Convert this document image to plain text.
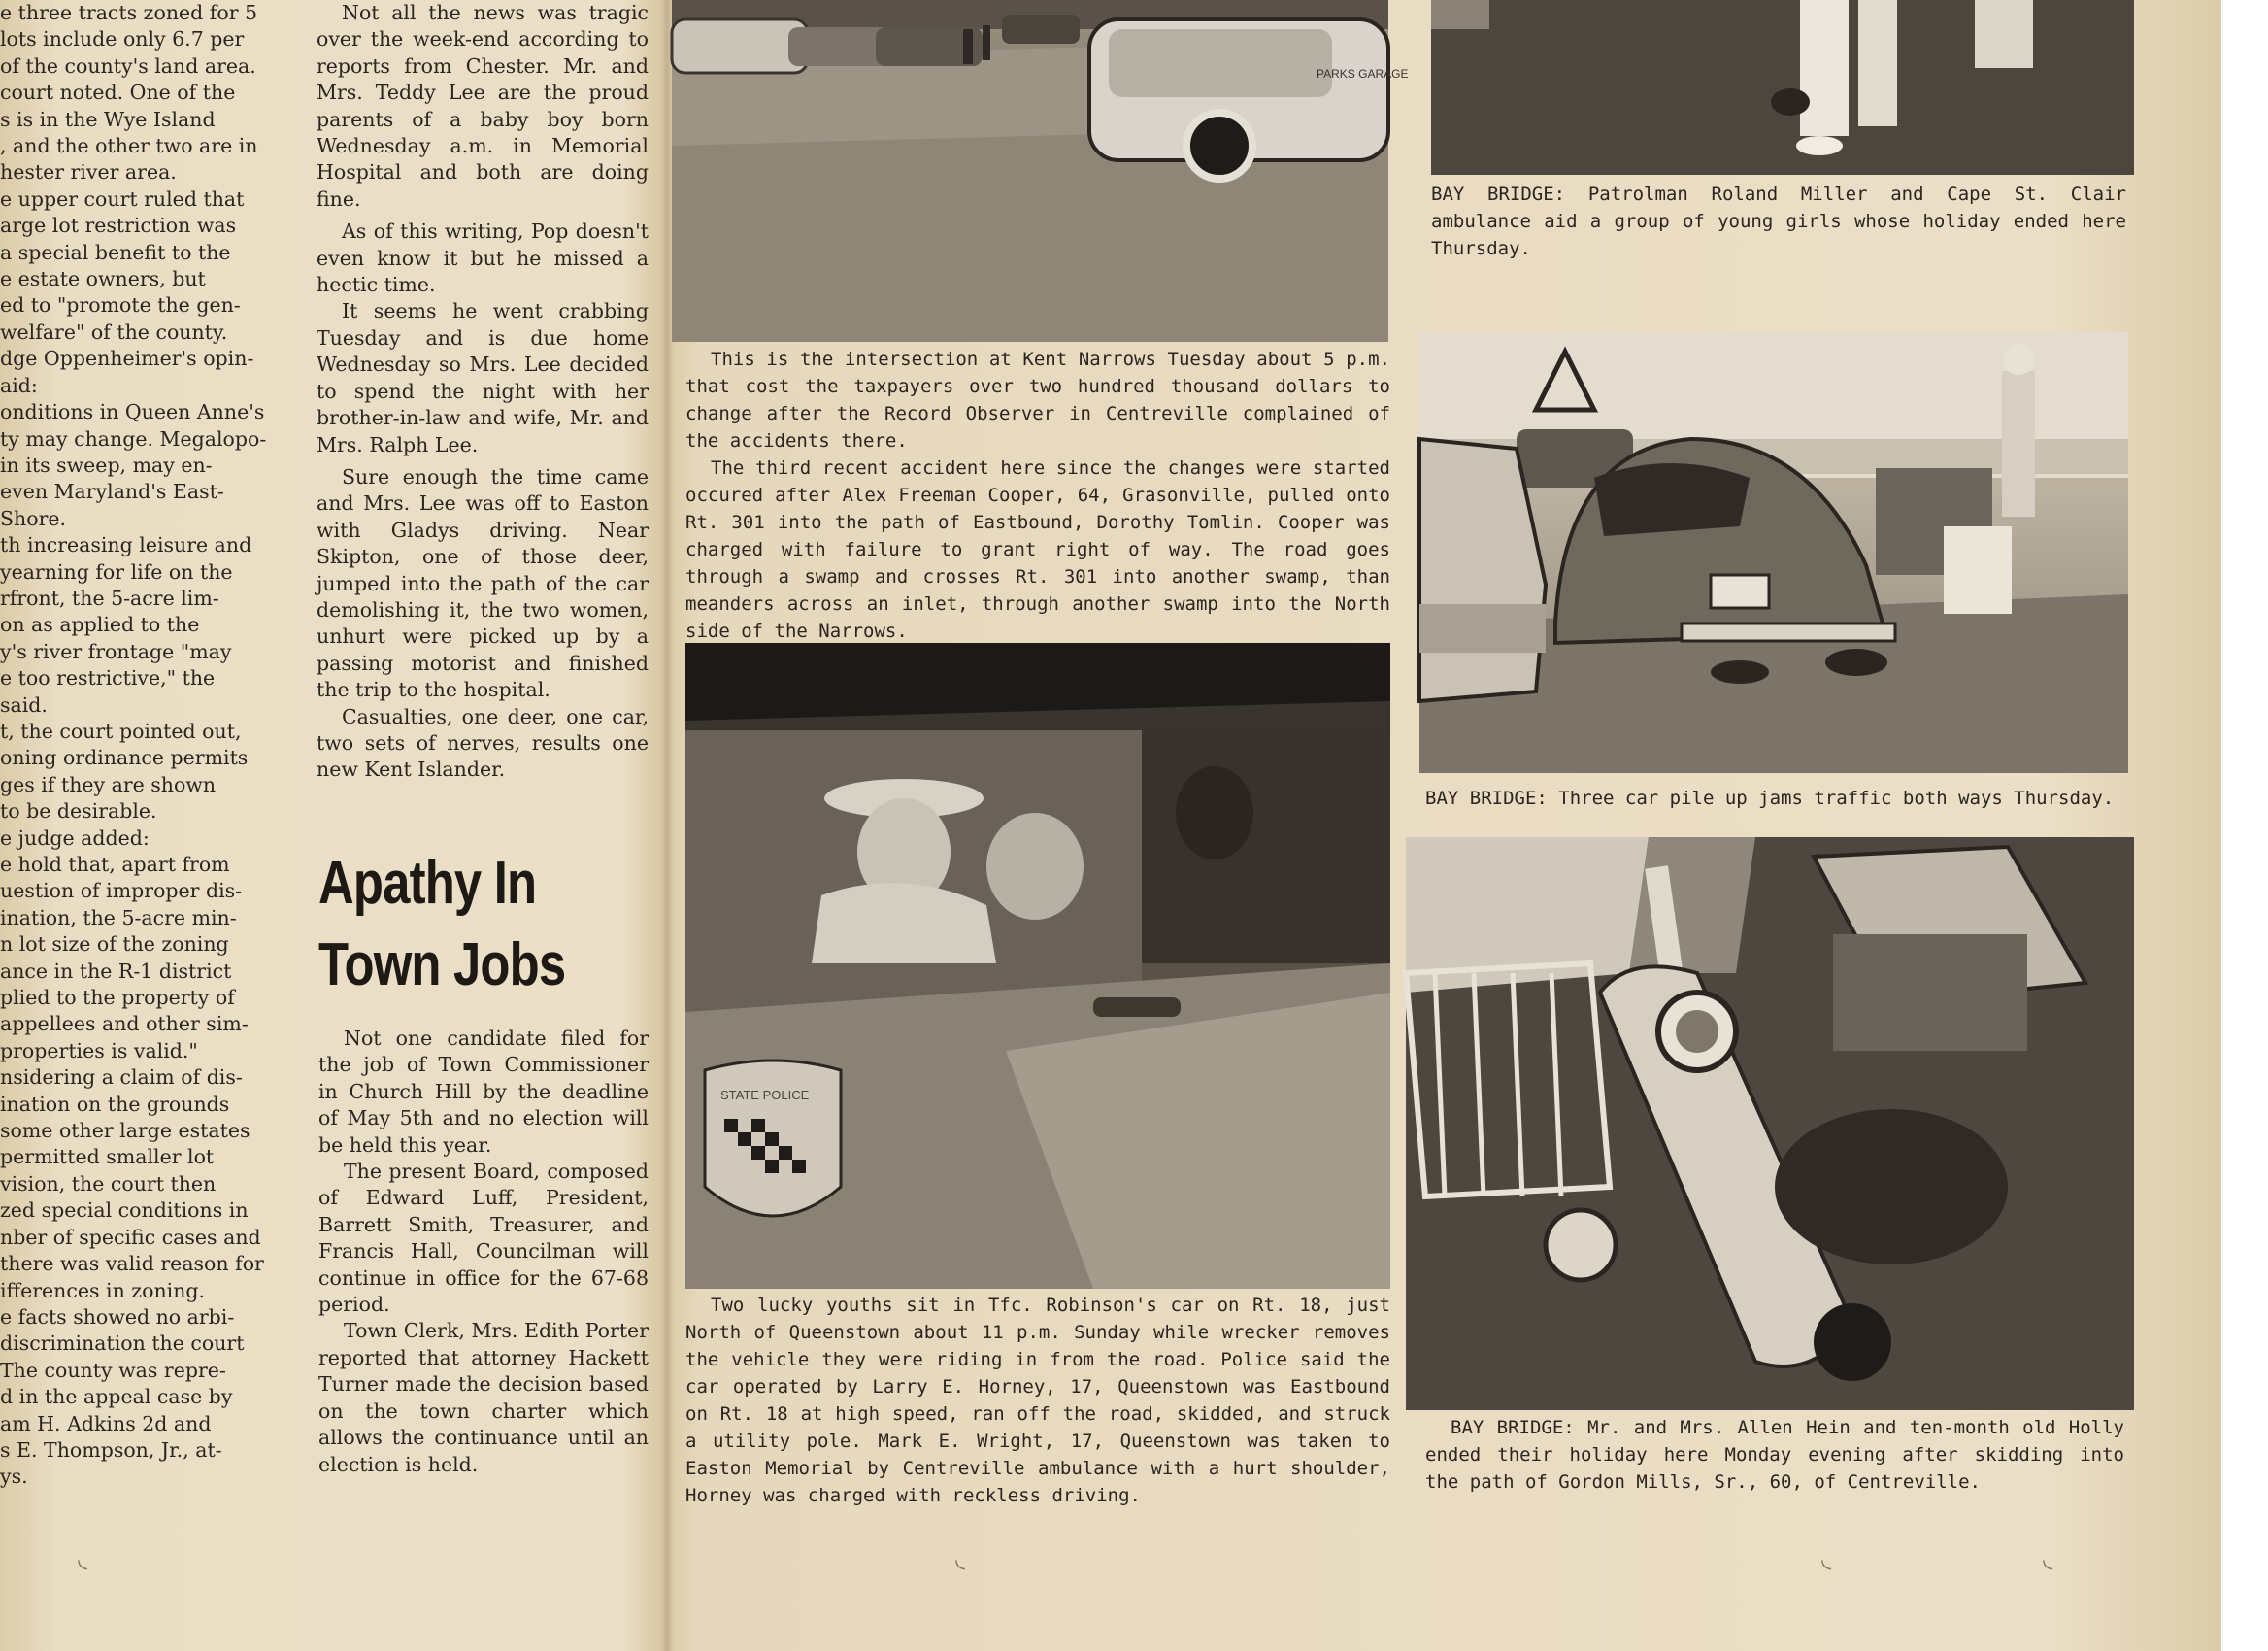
e three tracts zoned for 5

lots include only 6.7 per

of the county's land area.

court noted. One of the

s is in the Wye Island

, and the other two are in

hester river area.

e upper court ruled that

arge lot restriction was

a special benefit to the

e estate owners, but

ed to "promote the gen-

welfare" of the county.

dge Oppenheimer's opin-

aid:

onditions in Queen Anne's

ty may change. Megalopo-

in its sweep, may en-

even Maryland's East-

Shore.

th increasing leisure and

yearning for life on the

rfront, the 5-acre lim-

on as applied to the

y's river frontage "may

e too restrictive," the

said.

t, the court pointed out,

oning ordinance permits

ges if they are shown

to be desirable.

e judge added:

e hold that, apart from

uestion of improper dis-

ination, the 5-acre min-

n lot size of the zoning

ance in the R-1 district

plied to the property of

appellees and other sim-

properties is valid."

nsidering a claim of dis-

ination on the grounds

some other large estates

permitted smaller lot

vision, the court then

zed special conditions in

nber of specific cases and

there was valid reason for

ifferences in zoning.

e facts showed no arbi-

discrimination the court

The county was repre-

d in the appeal case by

am H. Adkins 2d and

s E. Thompson, Jr., at-

ys.

Not all the news was tragic over the week-end according to reports from Chester. Mr. and Mrs. Teddy Lee are the proud parents of a baby boy born Wednesday a.m. in Memorial Hospital and both are doing fine.

As of this writing, Pop doesn't even know it but he missed a hectic time.

It seems he went crabbing Tuesday and is due home Wednesday so Mrs. Lee decided to spend the night with her brother-in-law and wife, Mr. and Mrs. Ralph Lee.

Sure enough the time came and Mrs. Lee was off to Easton with Gladys driving. Near Skipton, one of those deer, jumped into the path of the car demolishing it, the two women, unhurt were picked up by a passing motorist and finished the trip to the hospital.

Casualties, one deer, one car, two sets of nerves, results one new Kent Islander.

Apathy In
Town Jobs

Not one candidate filed for the job of Town Commissioner in Church Hill by the deadline of May 5th and no election will be held this year.

The present Board, composed of Edward Luff, President, Barrett Smith, Treasurer, and Francis Hall, Councilman will continue in office for the 67-68 period.

Town Clerk, Mrs. Edith Porter reported that attorney Hackett Turner made the decision based on the town charter which allows the continuance until an election is held.

PARKS GARAGE

This is the intersection at Kent Narrows Tuesday about 5 p.m. that cost the taxpayers over two hundred thousand dollars to change after the Record Observer in Centreville complained of the accidents there.

The third recent accident here since the changes were started occured after Alex Freeman Cooper, 64, Grasonville, pulled onto Rt. 301 into the path of Eastbound, Dorothy Tomlin. Cooper was charged with failure to grant right of way. The road goes through a swamp and crosses Rt. 301 into another swamp, than meanders across an inlet, through another swamp into the North side of the Narrows.

STATE POLICE

Two lucky youths sit in Tfc. Robinson's car on Rt. 18, just North of Queenstown about 11 p.m. Sunday while wrecker removes the vehicle they were riding in from the road. Police said the car operated by Larry E. Horney, 17, Queenstown was Eastbound on Rt. 18 at high speed, ran off the road, skidded, and struck a utility pole. Mark E. Wright, 17, Queenstown was taken to Easton Memorial by Centreville ambulance with a hurt shoulder, Horney was charged with reckless driving.

BAY BRIDGE: Patrolman Roland Miller and Cape St. Clair ambulance aid a group of young girls whose holiday ended here Thursday.

BAY BRIDGE: Three car pile up jams traffic both ways Thursday.

BAY BRIDGE: Mr. and Mrs. Allen Hein and ten-month old Holly ended their holiday here Monday evening after skidding into the path of Gordon Mills, Sr., 60, of Centreville.

◟	◟	◟	◟
